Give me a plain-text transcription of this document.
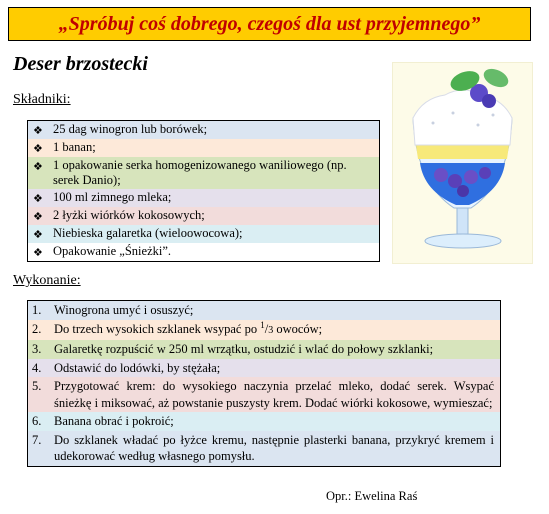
„Spróbuj coś dobrego, czegoś dla ust przyjemnego”
Deser brzostecki
Składniki:
❖ 25 dag winogron lub borówek;
❖ 1 banan;
❖ 1 opakowanie serka homogenizowanego waniliowego (np. serek Danio);
❖ 100 ml zimnego mleka;
❖ 2 łyżki wiórków kokosowych;
❖ Niebieska galaretka (wieloowocowa);
❖ Opakowanie „Śnieżki”.
Wykonanie:
1.	Winogrona umyć i osuszyć;
2.	Do trzech wysokich szklanek wsypać po $^1$/3 owoców;
3.	Galaretkę rozpuścić w 250 ml wrzątku, ostudzić i wlać do połowy szklanki;
4.	Odstawić do lodówki, by stężała;
5.	Przygotować krem: do wysokiego naczynia przelać mleko, dodać serek. Wsypać śnieżkę i miksować, aż powstanie puszysty krem. Dodać wiórki kokosowe, wymieszać;
6.	Banana obrać i pokroić;
7.	Do szklanek władać po łyżce kremu, następnie plasterki banana, przykryć kremem i udekorować według własnego pomysłu.
Opr.: Ewelina Raś
